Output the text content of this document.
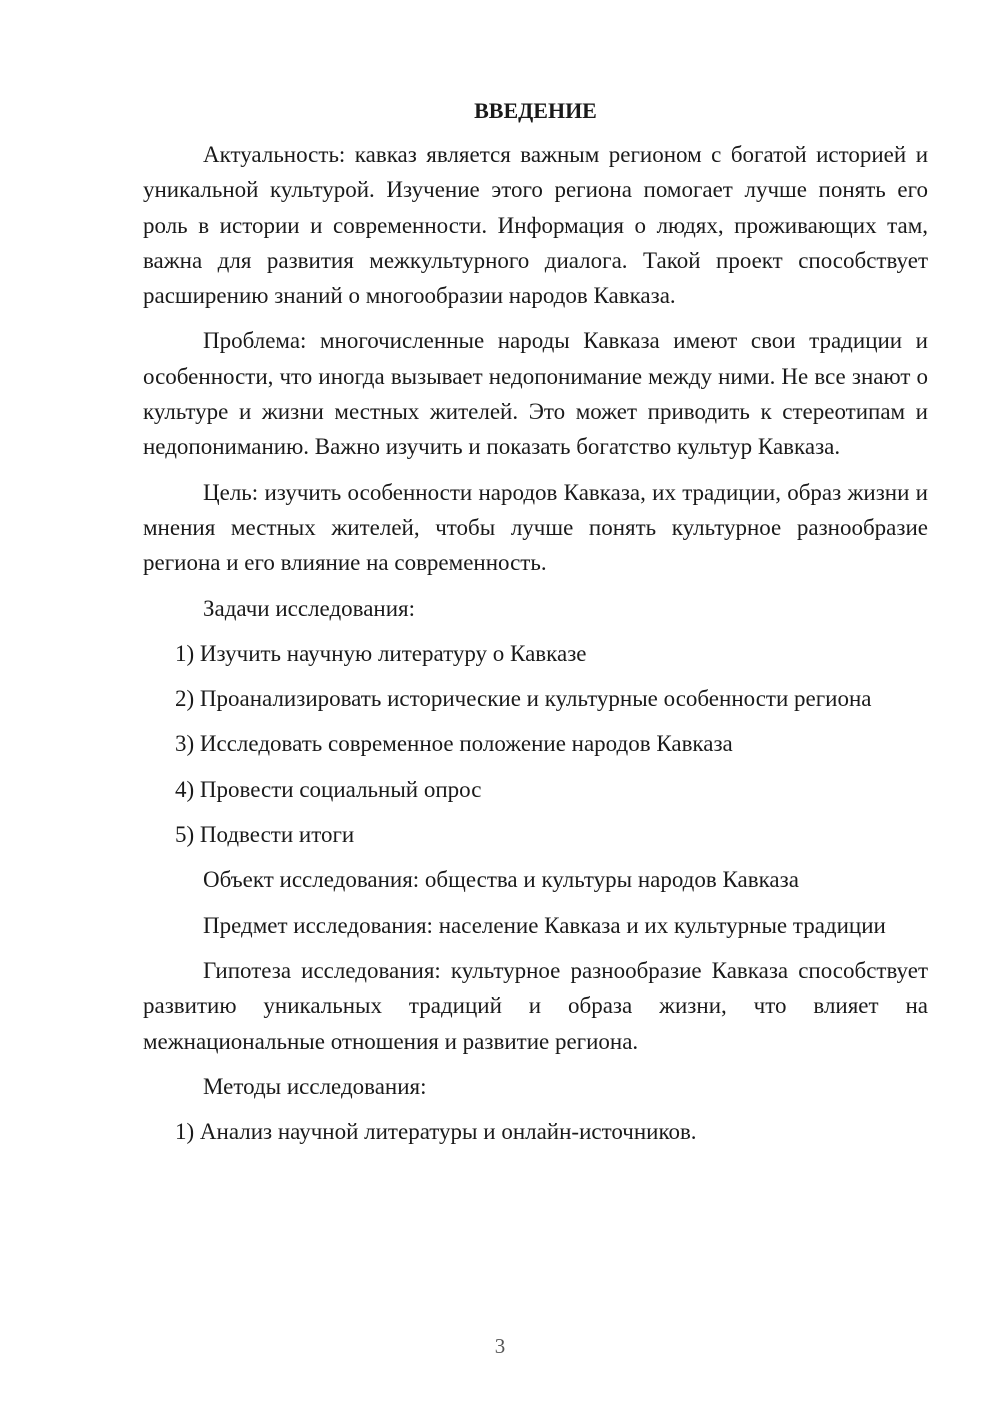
ВВЕДЕНИЕ

Актуальность: кавказ является важным регионом с богатой историей и уникальной культурой. Изучение этого региона помогает лучше понять его роль в истории и современности. Информация о людях, проживающих там, важна для развития межкультурного диалога. Такой проект способствует расширению знаний о многообразии народов Кавказа.

Проблема: многочисленные народы Кавказа имеют свои традиции и особенности, что иногда вызывает недопонимание между ними. Не все знают о культуре и жизни местных жителей. Это может приводить к стереотипам и недопониманию. Важно изучить и показать богатство культур Кавказа.

Цель: изучить особенности народов Кавказа, их традиции, образ жизни и мнения местных жителей, чтобы лучше понять культурное разнообразие региона и его влияние на современность.

Задачи исследования:

1) Изучить научную литературу о Кавказе

2) Проанализировать исторические и культурные особенности региона

3) Исследовать современное положение народов Кавказа

4) Провести социальный опрос

5) Подвести итоги

Объект исследования: общества и культуры народов Кавказа

Предмет исследования: население Кавказа и их культурные традиции

Гипотеза исследования: культурное разнообразие Кавказа способствует развитию уникальных традиций и образа жизни, что влияет на межнациональные отношения и развитие региона.

Методы исследования:

1) Анализ научной литературы и онлайн-источников.

3
